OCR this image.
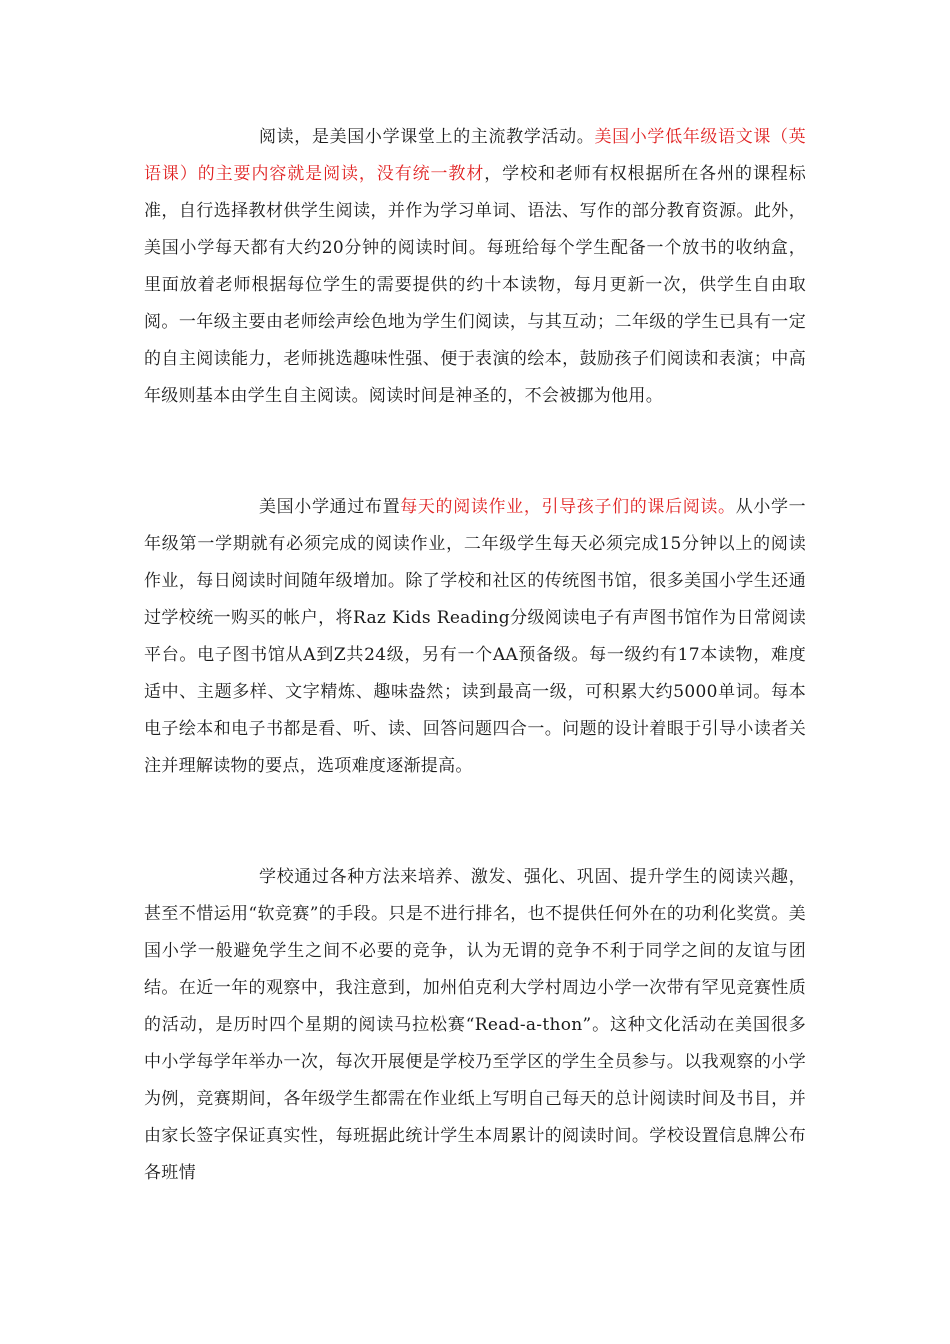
阅读，是美国小学课堂上的主流教学活动。美国小学低年级语文课（英语课）的主要内容就是阅读，没有统一教材，学校和老师有权根据所在各州的课程标准，自行选择教材供学生阅读，并作为学习单词、语法、写作的部分教育资源。此外，美国小学每天都有大约20分钟的阅读时间。每班给每个学生配备一个放书的收纳盒，里面放着老师根据每位学生的需要提供的约十本读物，每月更新一次，供学生自由取阅。一年级主要由老师绘声绘色地为学生们阅读，与其互动；二年级的学生已具有一定的自主阅读能力，老师挑选趣味性强、便于表演的绘本，鼓励孩子们阅读和表演；中高年级则基本由学生自主阅读。阅读时间是神圣的，不会被挪为他用。

美国小学通过布置每天的阅读作业，引导孩子们的课后阅读。从小学一年级第一学期就有必须完成的阅读作业，二年级学生每天必须完成15分钟以上的阅读作业，每日阅读时间随年级增加。除了学校和社区的传统图书馆，很多美国小学生还通过学校统一购买的帐户，将Raz Kids Reading分级阅读电子有声图书馆作为日常阅读平台。电子图书馆从A到Z共24级，另有一个AA预备级。每一级约有17本读物，难度适中、主题多样、文字精炼、趣味盎然；读到最高一级，可积累大约5000单词。每本电子绘本和电子书都是看、听、读、回答问题四合一。问题的设计着眼于引导小读者关注并理解读物的要点，选项难度逐渐提高。

学校通过各种方法来培养、激发、强化、巩固、提升学生的阅读兴趣，甚至不惜运用“软竞赛”的手段。只是不进行排名，也不提供任何外在的功利化奖赏。美国小学一般避免学生之间不必要的竞争，认为无谓的竞争不利于同学之间的友谊与团结。在近一年的观察中，我注意到，加州伯克利大学村周边小学一次带有罕见竞赛性质的活动，是历时四个星期的阅读马拉松赛“Read-a-thon”。这种文化活动在美国很多中小学每学年举办一次，每次开展便是学校乃至学区的学生全员参与。以我观察的小学为例，竞赛期间，各年级学生都需在作业纸上写明自己每天的总计阅读时间及书目，并由家长签字保证真实性，每班据此统计学生本周累计的阅读时间。学校设置信息牌公布各班情
